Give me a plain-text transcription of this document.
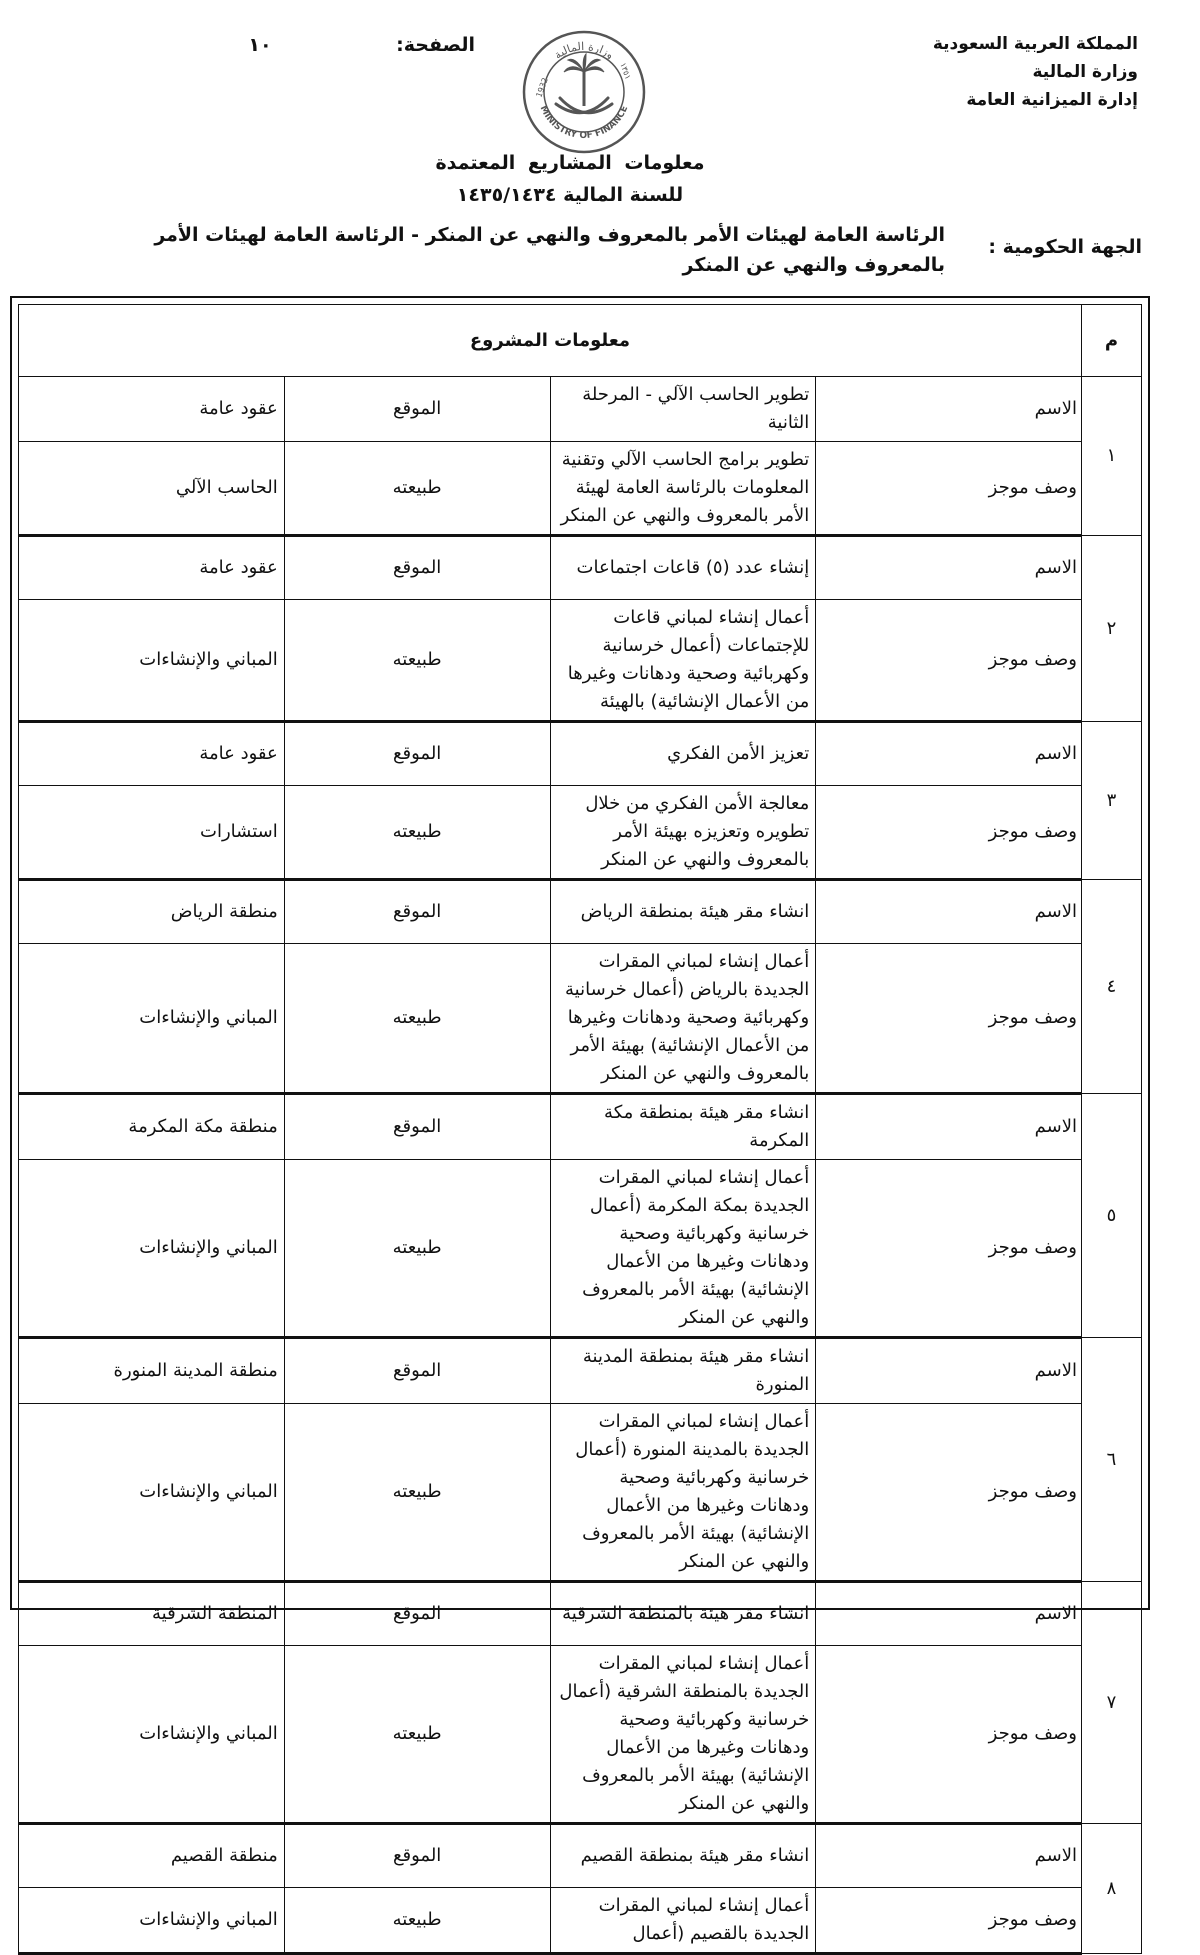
المملكة العربية السعودية
وزارة المالية
إدارة الميزانية العامة
الصفحة:
١٠	وزارة المالية
MINISTRY OF FINANCE
1932
١٣٥١
معلومات المشاريع المعتمدة
للسنة المالية ١٤٣٥/١٤٣٤
الجهة الحكومية :
الرئاسة العامة لهيئات الأمر بالمعروف والنهي عن المنكر - الرئاسة العامة لهيئات الأمر بالمعروف والنهي عن المنكر
م	معلومات المشروع			
١	الاسم	تطوير الحاسب الآلي - المرحلة الثانية	الموقع	عقود عامة
	وصف موجز	تطوير برامج الحاسب الآلي وتقنية المعلومات بالرئاسة العامة لهيئة الأمر بالمعروف والنهي عن المنكر	طبيعته	الحاسب الآلي
٢	الاسم	إنشاء عدد (٥) قاعات اجتماعات	الموقع	عقود عامة
	وصف موجز	أعمال إنشاء لمباني قاعات للإجتماعات (أعمال خرسانية وكهربائية وصحية ودهانات وغيرها من الأعمال الإنشائية) بالهيئة	طبيعته	المباني والإنشاءات
٣	الاسم	تعزيز الأمن الفكري	الموقع	عقود عامة
	وصف موجز	معالجة الأمن الفكري من خلال تطويره وتعزيزه بهيئة الأمر بالمعروف والنهي عن المنكر	طبيعته	استشارات
٤	الاسم	انشاء مقر هيئة بمنطقة الرياض	الموقع	منطقة الرياض
	وصف موجز	أعمال إنشاء لمباني المقرات الجديدة بالرياض (أعمال خرسانية وكهربائية وصحية ودهانات وغيرها من الأعمال الإنشائية) بهيئة الأمر بالمعروف والنهي عن المنكر	طبيعته	المباني والإنشاءات
٥	الاسم	انشاء مقر هيئة بمنطقة مكة المكرمة	الموقع	منطقة مكة المكرمة
	وصف موجز	أعمال إنشاء لمباني المقرات الجديدة بمكة المكرمة (أعمال خرسانية وكهربائية وصحية ودهانات وغيرها من الأعمال الإنشائية) بهيئة الأمر بالمعروف والنهي عن المنكر	طبيعته	المباني والإنشاءات
٦	الاسم	انشاء مقر هيئة بمنطقة المدينة المنورة	الموقع	منطقة المدينة المنورة
	وصف موجز	أعمال إنشاء لمباني المقرات الجديدة بالمدينة المنورة (أعمال خرسانية وكهربائية وصحية ودهانات وغيرها من الأعمال الإنشائية) بهيئة الأمر بالمعروف والنهي عن المنكر	طبيعته	المباني والإنشاءات
٧	الاسم	انشاء مقر هيئة بالمنطقة الشرقية	الموقع	المنطقة الشرقية
	وصف موجز	أعمال إنشاء لمباني المقرات الجديدة بالمنطقة الشرقية (أعمال خرسانية وكهربائية وصحية ودهانات وغيرها من الأعمال الإنشائية) بهيئة الأمر بالمعروف والنهي عن المنكر	طبيعته	المباني والإنشاءات
٨	الاسم	انشاء مقر هيئة بمنطقة القصيم	الموقع	منطقة القصيم
	وصف موجز	أعمال إنشاء لمباني المقرات الجديدة بالقصيم (أعمال	طبيعته	المباني والإنشاءات
